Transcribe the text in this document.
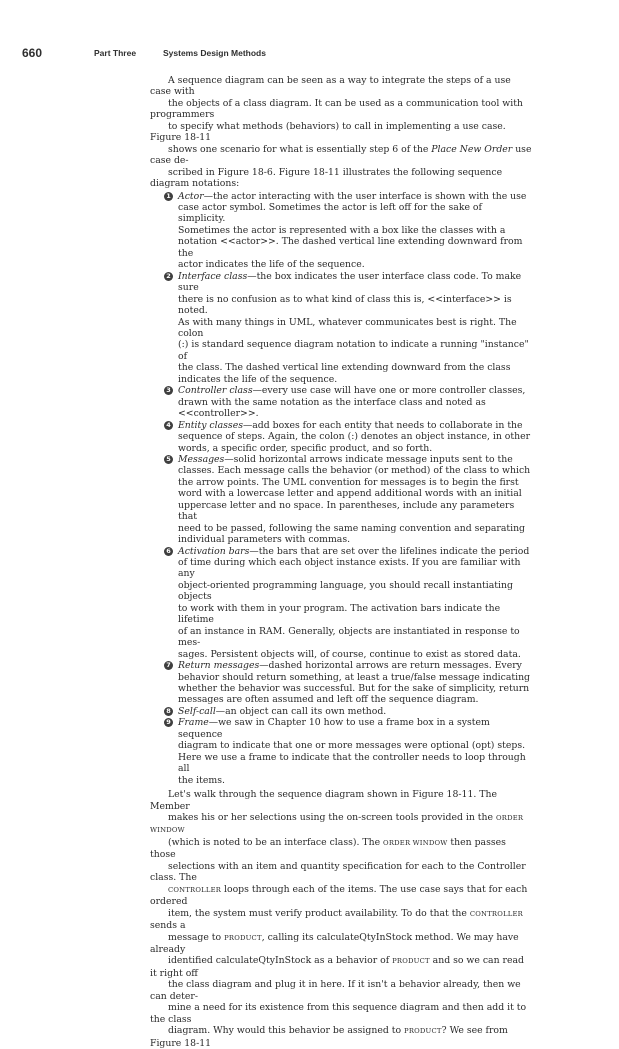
660	Part Three	Systems Design Methods

A sequence diagram can be seen as a way to integrate the steps of a use case with
the objects of a class diagram. It can be used as a communication tool with programmers
to specify what methods (behaviors) to call in implementing a use case. Figure 18-11
shows one scenario for what is essentially step 6 of the Place New Order use case de-
scribed in Figure 18-6. Figure 18-11 illustrates the following sequence diagram notations:

1 Actor—the actor interacting with the user interface is shown with the use
case actor symbol. Sometimes the actor is left off for the sake of simplicity.
Sometimes the actor is represented with a box like the classes with a
notation <<actor>>. The dashed vertical line extending downward from the
actor indicates the life of the sequence.
2 Interface class—the box indicates the user interface class code. To make sure
there is no confusion as to what kind of class this is, <<interface>> is noted.
As with many things in UML, whatever communicates best is right. The colon
(:) is standard sequence diagram notation to indicate a running "instance" of
the class. The dashed vertical line extending downward from the class
indicates the life of the sequence.
3 Controller class—every use case will have one or more controller classes,
drawn with the same notation as the interface class and noted as
<<controller>>.
4 Entity classes—add boxes for each entity that needs to collaborate in the
sequence of steps. Again, the colon (:) denotes an object instance, in other
words, a specific order, specific product, and so forth.
5 Messages—solid horizontal arrows indicate message inputs sent to the
classes. Each message calls the behavior (or method) of the class to which
the arrow points. The UML convention for messages is to begin the first
word with a lowercase letter and append additional words with an initial
uppercase letter and no space. In parentheses, include any parameters that
need to be passed, following the same naming convention and separating
individual parameters with commas.
6 Activation bars—the bars that are set over the lifelines indicate the period
of time during which each object instance exists. If you are familiar with any
object-oriented programming language, you should recall instantiating objects
to work with them in your program. The activation bars indicate the lifetime
of an instance in RAM. Generally, objects are instantiated in response to mes-
sages. Persistent objects will, of course, continue to exist as stored data.
7 Return messages—dashed horizontal arrows are return messages. Every
behavior should return something, at least a true/false message indicating
whether the behavior was successful. But for the sake of simplicity, return
messages are often assumed and left off the sequence diagram.
8 Self-call—an object can call its own method.
9 Frame—we saw in Chapter 10 how to use a frame box in a system sequence
diagram to indicate that one or more messages were optional (opt) steps.
Here we use a frame to indicate that the controller needs to loop through all
the items.

Let's walk through the sequence diagram shown in Figure 18-11. The Member
makes his or her selections using the on-screen tools provided in the ORDER WINDOW
(which is noted to be an interface class). The ORDER WINDOW then passes those
selections with an item and quantity specification for each to the Controller class. The
CONTROLLER loops through each of the items. The use case says that for each ordered
item, the system must verify product availability. To do that the CONTROLLER sends a
message to PRODUCT, calling its calculateQtyInStock method. We may have already
identified calculateQtyInStock as a behavior of PRODUCT and so we can read it right off
the class diagram and plug it in here. If it isn't a behavior already, then we can deter-
mine a need for its existence from this sequence diagram and then add it to the class
diagram. Why would this behavior be assigned to PRODUCT? We see from Figure 18-11
